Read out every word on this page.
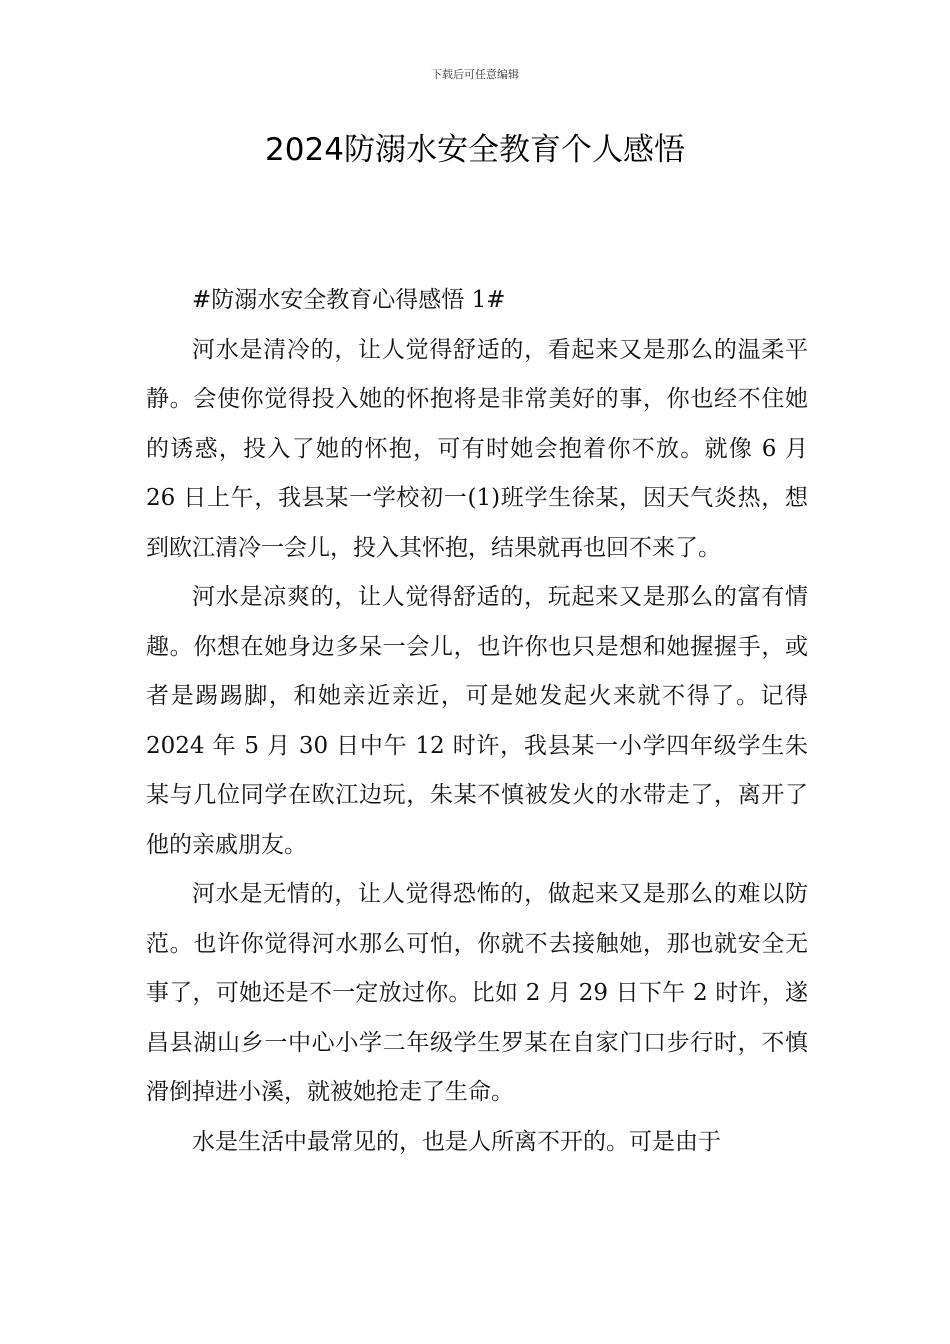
下载后可任意编辑
2024防溺水安全教育个人感悟

#防溺水安全教育心得感悟 1#

河水是清冷的，让人觉得舒适的，看起来又是那么的温柔平静。会使你觉得投入她的怀抱将是非常美好的事，你也经不住她的诱惑，投入了她的怀抱，可有时她会抱着你不放。就像 6 月 26 日上午，我县某一学校初一(1)班学生徐某，因天气炎热，想到欧江清冷一会儿，投入其怀抱，结果就再也回不来了。

河水是凉爽的，让人觉得舒适的，玩起来又是那么的富有情趣。你想在她身边多呆一会儿，也许你也只是想和她握握手，或者是踢踢脚，和她亲近亲近，可是她发起火来就不得了。记得 2024 年 5 月 30 日中午 12 时许，我县某一小学四年级学生朱某与几位同学在欧江边玩，朱某不慎被发火的水带走了，离开了他的亲戚朋友。

河水是无情的，让人觉得恐怖的，做起来又是那么的难以防范。也许你觉得河水那么可怕，你就不去接触她，那也就安全无事了，可她还是不一定放过你。比如 2 月 29 日下午 2 时许，遂昌县湖山乡一中心小学二年级学生罗某在自家门口步行时，不慎滑倒掉进小溪，就被她抢走了生命。

水是生活中最常见的，也是人所离不开的。可是由于
